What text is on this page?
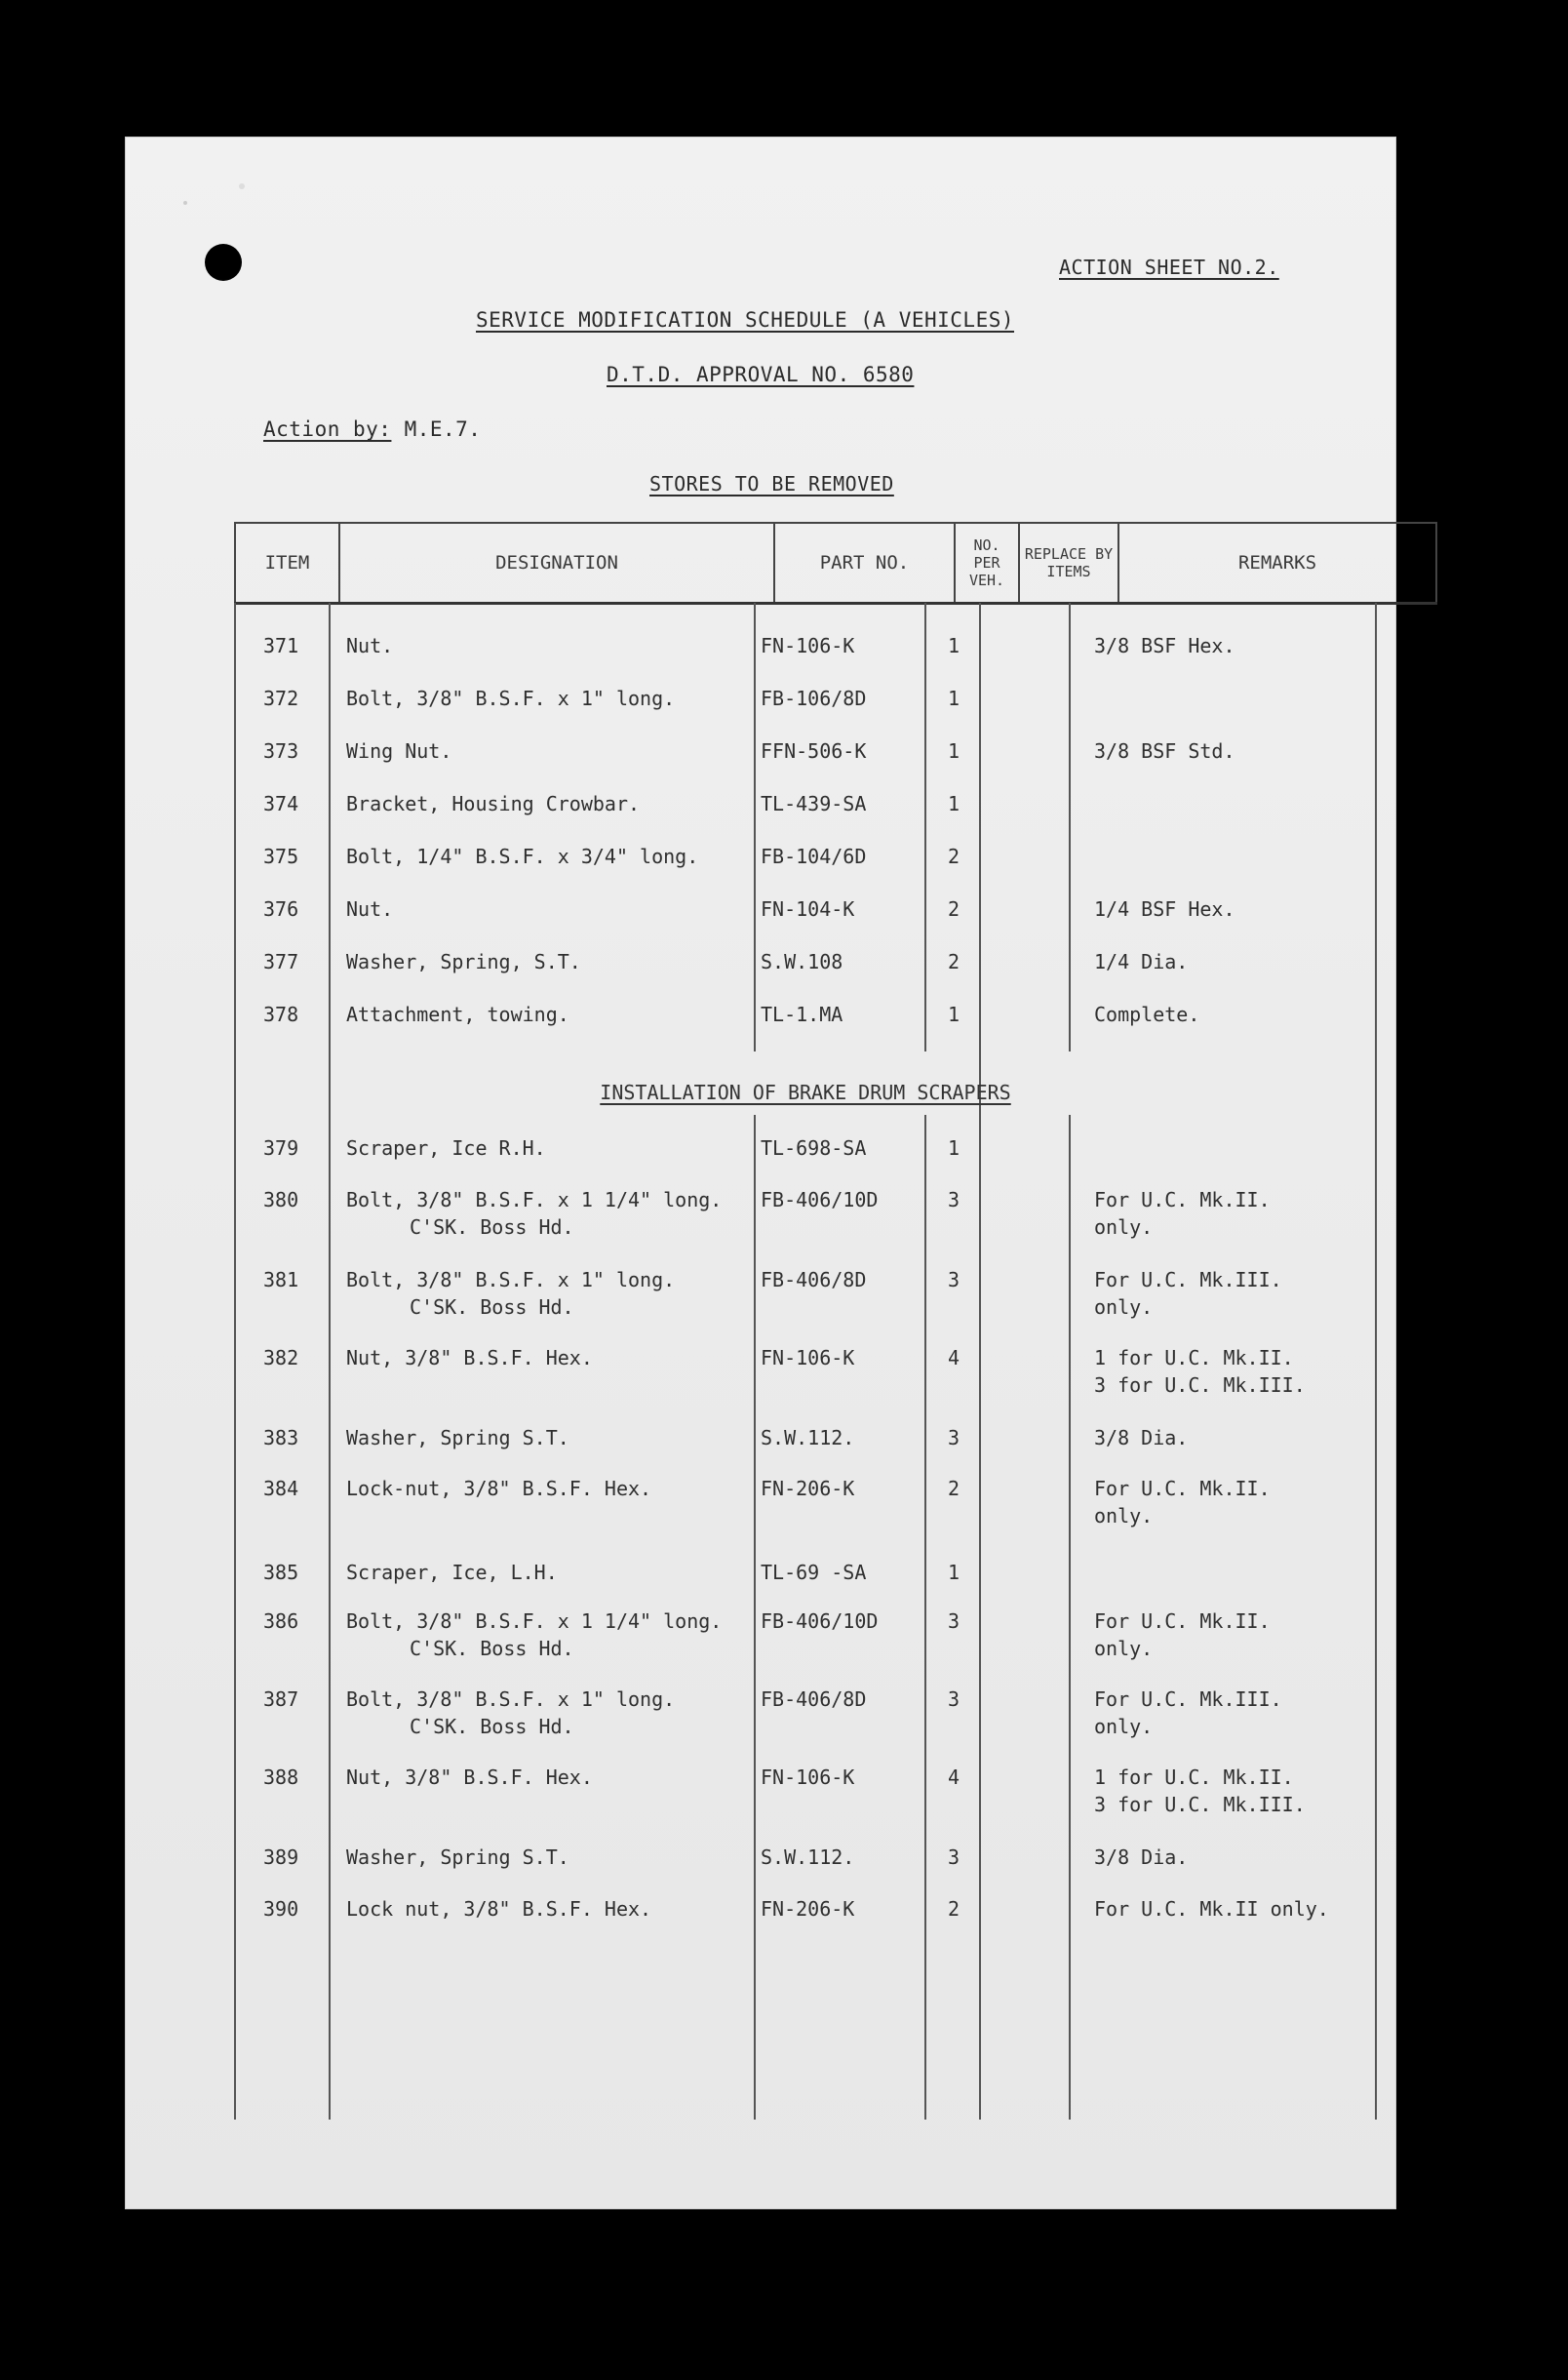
ACTION SHEET NO.2.
SERVICE MODIFICATION SCHEDULE (A VEHICLES)
D.T.D. APPROVAL NO. 6580
Action by: M.E.7.
STORES TO BE REMOVED
ITEM	DESIGNATION	PART NO.	NO. PER VEH.	REPLACE BY ITEMS	REMARKS
INSTALLATION OF BRAKE DRUM SCRAPERS
371 Nut.	FN-106-K	1	3/8 BSF Hex.
372 Bolt, 3/8" B.S.F. x 1" long.	FB-106/8D	1
373 Wing Nut.	FFN-506-K	1	3/8 BSF Std.
374 Bracket, Housing Crowbar.	TL-439-SA	1
375 Bolt, 1/4" B.S.F. x 3/4" long.	FB-104/6D	2
376 Nut.	FN-104-K	2	1/4 BSF Hex.
377 Washer, Spring, S.T.	S.W.108	2	1/4 Dia.
378 Attachment, towing.	TL-1.MA	1	Complete.
379 Scraper, Ice R.H.	TL-698-SA	1
380 Bolt, 3/8" B.S.F. x 1 1/4" long. FB-406/10D	3	For U.C. Mk.II.
C'SK. Boss Hd.	only.
381 Bolt, 3/8" B.S.F. x 1" long.	FB-406/8D	3	For U.C. Mk.III.
C'SK. Boss Hd.	only.
382 Nut, 3/8" B.S.F. Hex.	FN-106-K	4	1 for U.C. Mk.II.
3 for U.C. Mk.III.
383 Washer, Spring S.T.	S.W.112.	3	3/8 Dia.
384 Lock-nut, 3/8" B.S.F. Hex.	FN-206-K	2	For U.C. Mk.II.
only.
385 Scraper, Ice, L.H.	TL-69 -SA	1
386 Bolt, 3/8" B.S.F. x 1 1/4" long. FB-406/10D	3	For U.C. Mk.II.
C'SK. Boss Hd.	only.
387 Bolt, 3/8" B.S.F. x 1" long.	FB-406/8D	3	For U.C. Mk.III.
C'SK. Boss Hd.	only.
388 Nut, 3/8" B.S.F. Hex.	FN-106-K	4	1 for U.C. Mk.II.
3 for U.C. Mk.III.
389 Washer, Spring S.T.	S.W.112.	3	3/8 Dia.
390 Lock nut, 3/8" B.S.F. Hex.	FN-206-K	2	For U.C. Mk.II only.
